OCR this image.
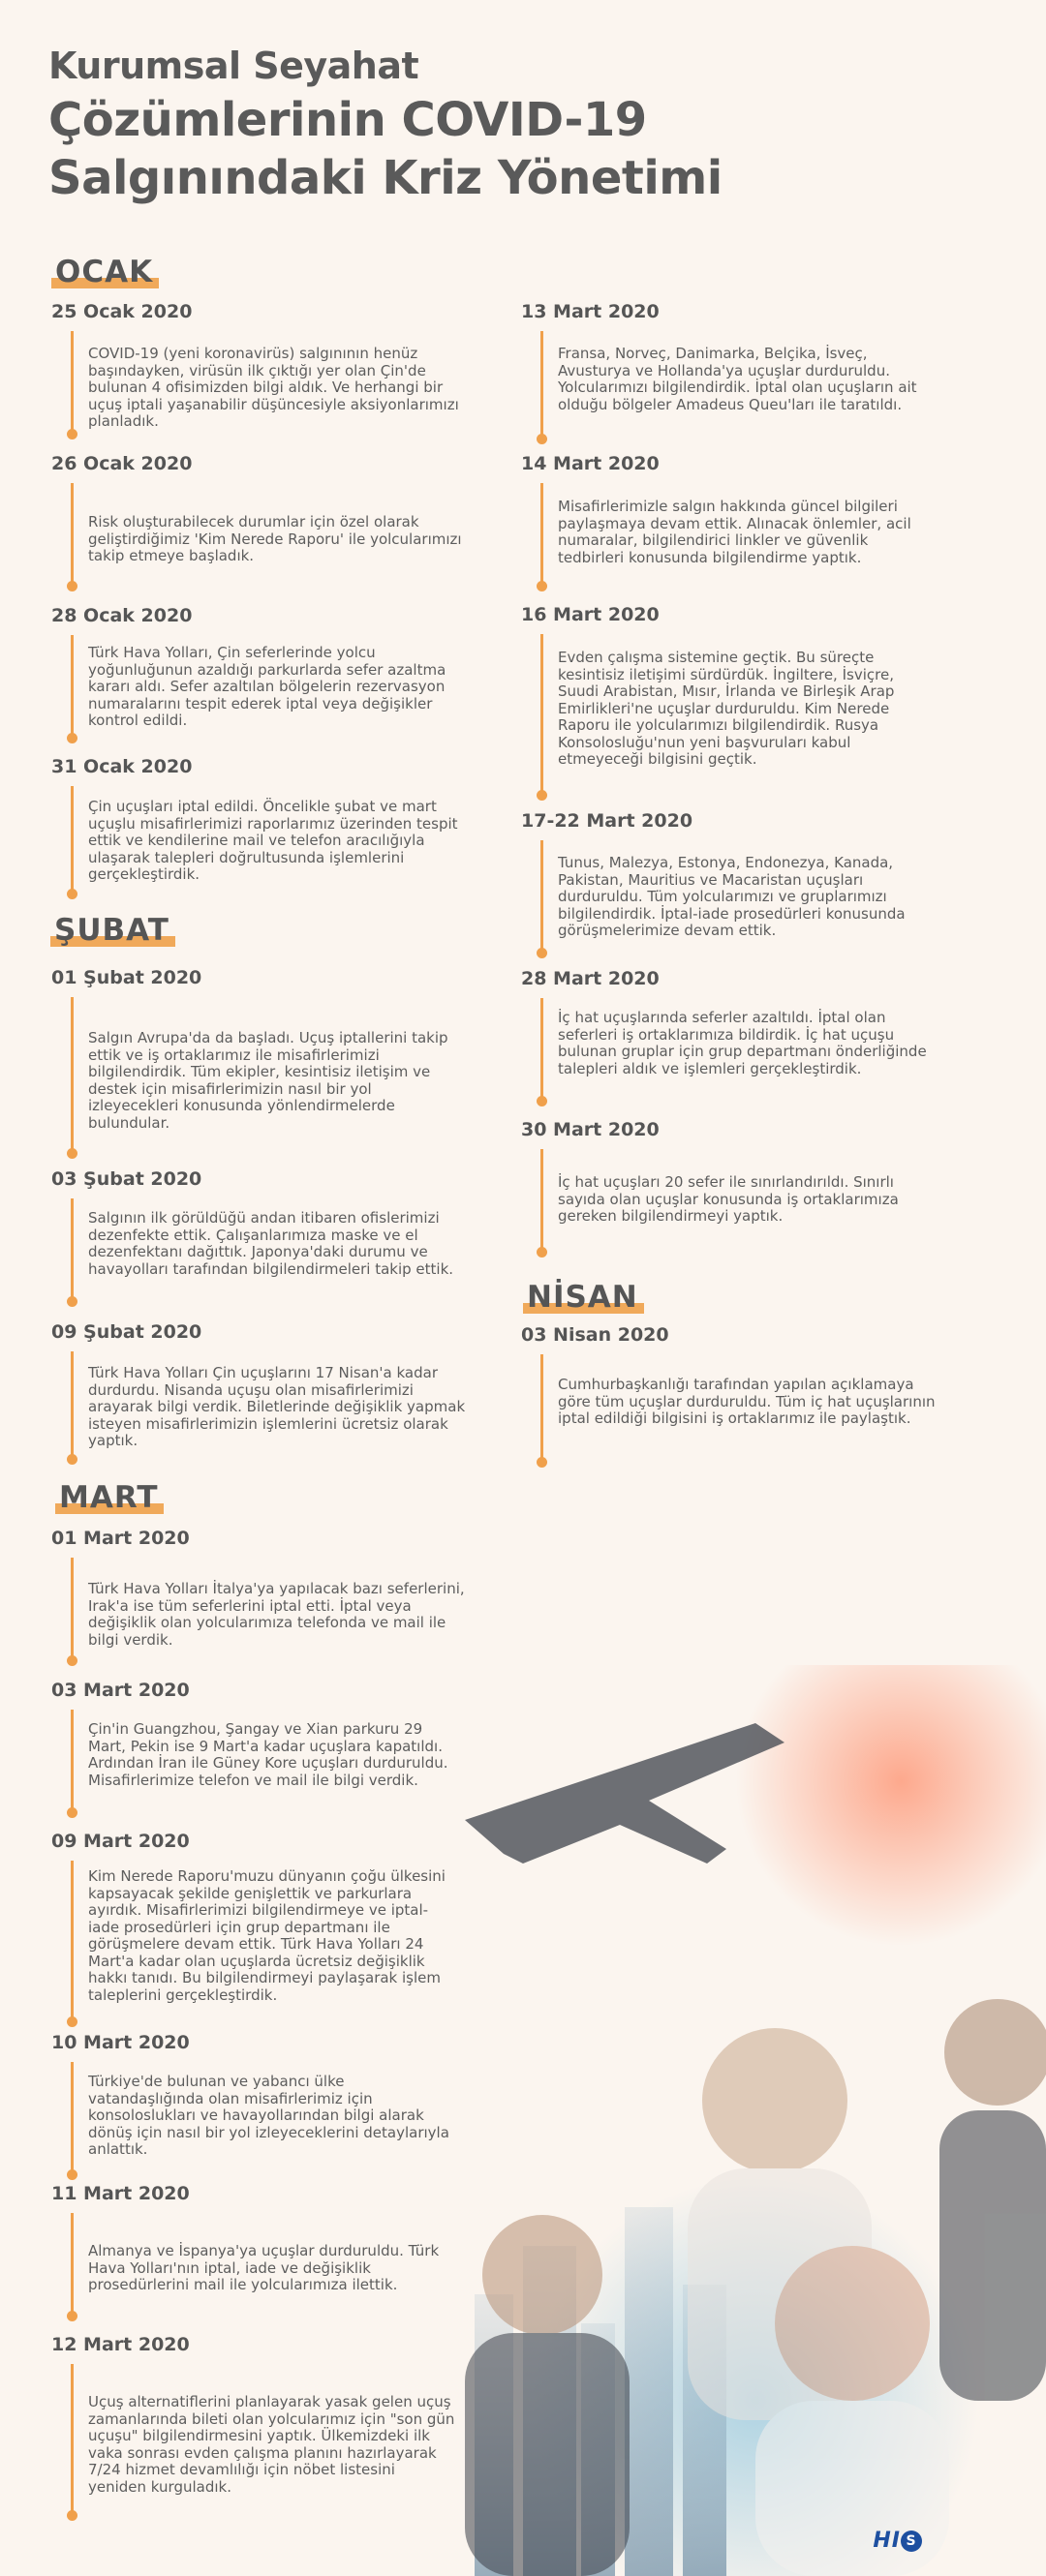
Kurumsal Seyahat
Çözümlerinin COVID-19
Salgınındaki Kriz Yönetimi
HI S
OCAK
ŞUBAT
MART
NİSAN
25 Ocak 2020

COVID-19 (yeni koronavirüs) salgınının henüz başındayken, virüsün ilk çıktığı yer olan Çin'de bulunan 4 ofisimizden bilgi aldık. Ve herhangi bir uçuş iptali yaşanabilir düşüncesiyle aksiyonlarımızı planladık.

26 Ocak 2020

Risk oluşturabilecek durumlar için özel olarak geliştirdiğimiz 'Kim Nerede Raporu' ile yolcularımızı takip etmeye başladık.

28 Ocak 2020

Türk Hava Yolları, Çin seferlerinde yolcu yoğunluğunun azaldığı parkurlarda sefer azaltma kararı aldı. Sefer azaltılan bölgelerin rezervasyon numaralarını tespit ederek iptal veya değişikler kontrol edildi.

31 Ocak 2020

Çin uçuşları iptal edildi. Öncelikle şubat ve mart uçuşlu misafirlerimizi raporlarımız üzerinden tespit ettik ve kendilerine mail ve telefon aracılığıyla ulaşarak talepleri doğrultusunda işlemlerini gerçekleştirdik.

01 Şubat 2020

Salgın Avrupa'da da başladı. Uçuş iptallerini takip ettik ve iş ortaklarımız ile misafirlerimizi bilgilendirdik. Tüm ekipler, kesintisiz iletişim ve destek için misafirlerimizin nasıl bir yol izleyecekleri konusunda yönlendirmelerde bulundular.

03 Şubat 2020

Salgının ilk görüldüğü andan itibaren ofislerimizi dezenfekte ettik. Çalışanlarımıza maske ve el dezenfektanı dağıttık. Japonya'daki durumu ve havayolları tarafından bilgilendirmeleri takip ettik.

09 Şubat 2020

Türk Hava Yolları Çin uçuşlarını 17 Nisan'a kadar durdurdu. Nisanda uçuşu olan misafirlerimizi arayarak bilgi verdik. Biletlerinde değişiklik yapmak isteyen misafirlerimizin işlemlerini ücretsiz olarak yaptık.

01 Mart 2020

Türk Hava Yolları İtalya'ya yapılacak bazı seferlerini, Irak'a ise tüm seferlerini iptal etti. İptal veya değişiklik olan yolcularımıza telefonda ve mail ile bilgi verdik.

03 Mart 2020

Çin'in Guangzhou, Şangay ve Xian parkuru 29 Mart, Pekin ise 9 Mart'a kadar uçuşlara kapatıldı. Ardından İran ile Güney Kore uçuşları durduruldu. Misafirlerimize telefon ve mail ile bilgi verdik.

09 Mart 2020

Kim Nerede Raporu'muzu dünyanın çoğu ülkesini kapsayacak şekilde genişlettik ve parkurlara ayırdık. Misafirlerimizi bilgilendirmeye ve iptal-iade prosedürleri için grup departmanı ile görüşmelere devam ettik. Türk Hava Yolları 24 Mart'a kadar olan uçuşlarda ücretsiz değişiklik hakkı tanıdı. Bu bilgilendirmeyi paylaşarak işlem taleplerini gerçekleştirdik.

10 Mart 2020

Türkiye'de bulunan ve yabancı ülke vatandaşlığında olan misafirlerimiz için konsoloslukları ve havayollarından bilgi alarak dönüş için nasıl bir yol izleyeceklerini detaylarıyla anlattık.

11 Mart 2020

Almanya ve İspanya'ya uçuşlar durduruldu. Türk Hava Yolları'nın iptal, iade ve değişiklik prosedürlerini mail ile yolcularımıza ilettik.

12 Mart 2020

Uçuş alternatiflerini planlayarak yasak gelen uçuş zamanlarında bileti olan yolcularımız için "son gün uçuşu" bilgilendirmesini yaptık. Ülkemizdeki ilk vaka sonrası evden çalışma planını hazırlayarak 7/24 hizmet devamlılığı için nöbet listesini yeniden kurguladık.

13 Mart 2020

Fransa, Norveç, Danimarka, Belçika, İsveç, Avusturya ve Hollanda'ya uçuşlar durduruldu. Yolcularımızı bilgilendirdik. İptal olan uçuşların ait olduğu bölgeler Amadeus Queu'ları ile taratıldı.

14 Mart 2020

Misafirlerimizle salgın hakkında güncel bilgileri paylaşmaya devam ettik. Alınacak önlemler, acil numaralar, bilgilendirici linkler ve güvenlik tedbirleri konusunda bilgilendirme yaptık.

16 Mart 2020

Evden çalışma sistemine geçtik. Bu süreçte kesintisiz iletişimi sürdürdük. İngiltere, İsviçre, Suudi Arabistan, Mısır, İrlanda ve Birleşik Arap Emirlikleri'ne uçuşlar durduruldu. Kim Nerede Raporu ile yolcularımızı bilgilendirdik. Rusya Konsolosluğu'nun yeni başvuruları kabul etmeyeceği bilgisini geçtik.

17-22 Mart 2020

Tunus, Malezya, Estonya, Endonezya, Kanada, Pakistan, Mauritius ve Macaristan uçuşları durduruldu. Tüm yolcularımızı ve gruplarımızı bilgilendirdik. İptal-iade prosedürleri konusunda görüşmelerimize devam ettik.

28 Mart 2020

İç hat uçuşlarında seferler azaltıldı. İptal olan seferleri iş ortaklarımıza bildirdik. İç hat uçuşu bulunan gruplar için grup departmanı önderliğinde talepleri aldık ve işlemleri gerçekleştirdik.

30 Mart 2020

İç hat uçuşları 20 sefer ile sınırlandırıldı. Sınırlı sayıda olan uçuşlar konusunda iş ortaklarımıza gereken bilgilendirmeyi yaptık.

03 Nisan 2020

Cumhurbaşkanlığı tarafından yapılan açıklamaya göre tüm uçuşlar durduruldu. Tüm iç hat uçuşlarının iptal edildiği bilgisini iş ortaklarımız ile paylaştık.
